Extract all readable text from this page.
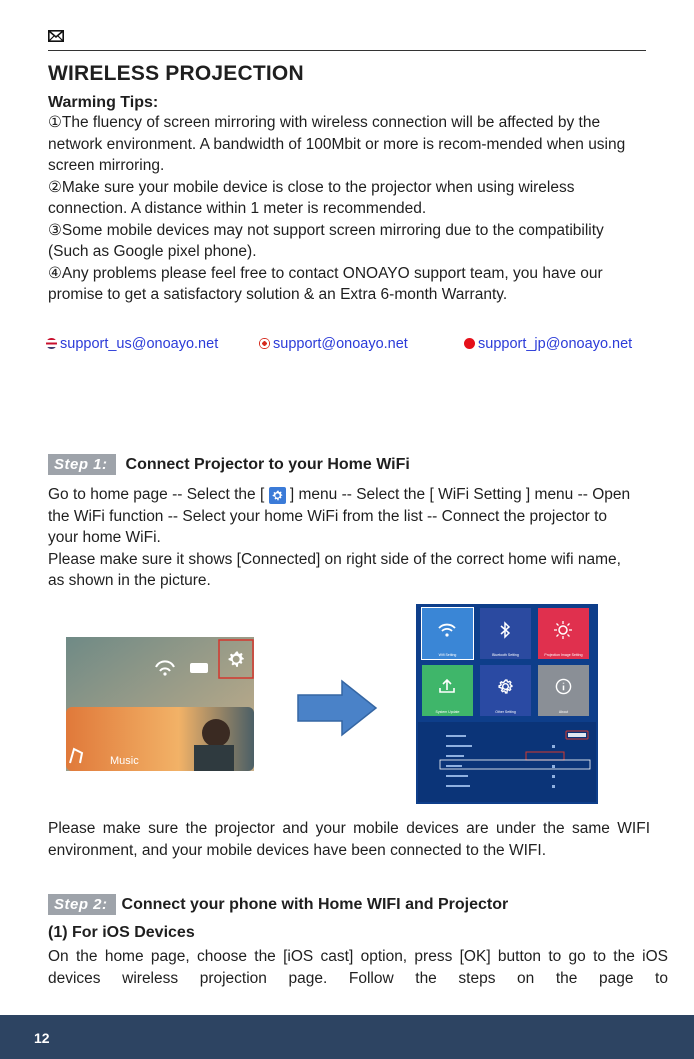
WIRELESS PROJECTION
Warming Tips:

①The fluency of screen mirroring with wireless connection will be affected by the network environment. A bandwidth of 100Mbit or more is recom-mended when using screen mirroring.

②Make sure your mobile device is close to the projector when using wireless connection. A distance within 1 meter is recommended.

③Some mobile devices may not support screen mirroring due to the compatibility (Such as Google pixel phone).

④Any problems please feel free to contact ONOAYO support team, you have our promise to get a satisfactory solution & an Extra 6-month Warranty.

support_us@onoayo.net	support@onoayo.net	support_jp@onoayo.net
Step 1: Connect Projector to your Home WiFi
Go to home page -- Select the [ ] menu -- Select the [ WiFi Setting ] menu -- Open the WiFi function -- Select your home WiFi from the list -- Connect the projector to your home WiFi.
Please make sure it shows [Connected] on right side of the correct home wifi name, as shown in the picture.
Music
Wifi Setting	Bluetooth Setting	Projection Image Setting
System Update	Other Setting	About
Please make sure the projector and your mobile devices are under the same WIFI environment, and your mobile devices have been connected to the WIFI.
Step 2: Connect your phone with Home WIFI and Projector
(1) For iOS Devices
On the home page, choose the [iOS cast] option, press [OK] button to go to the iOS devices wireless projection page. Follow the steps on the page to
12
